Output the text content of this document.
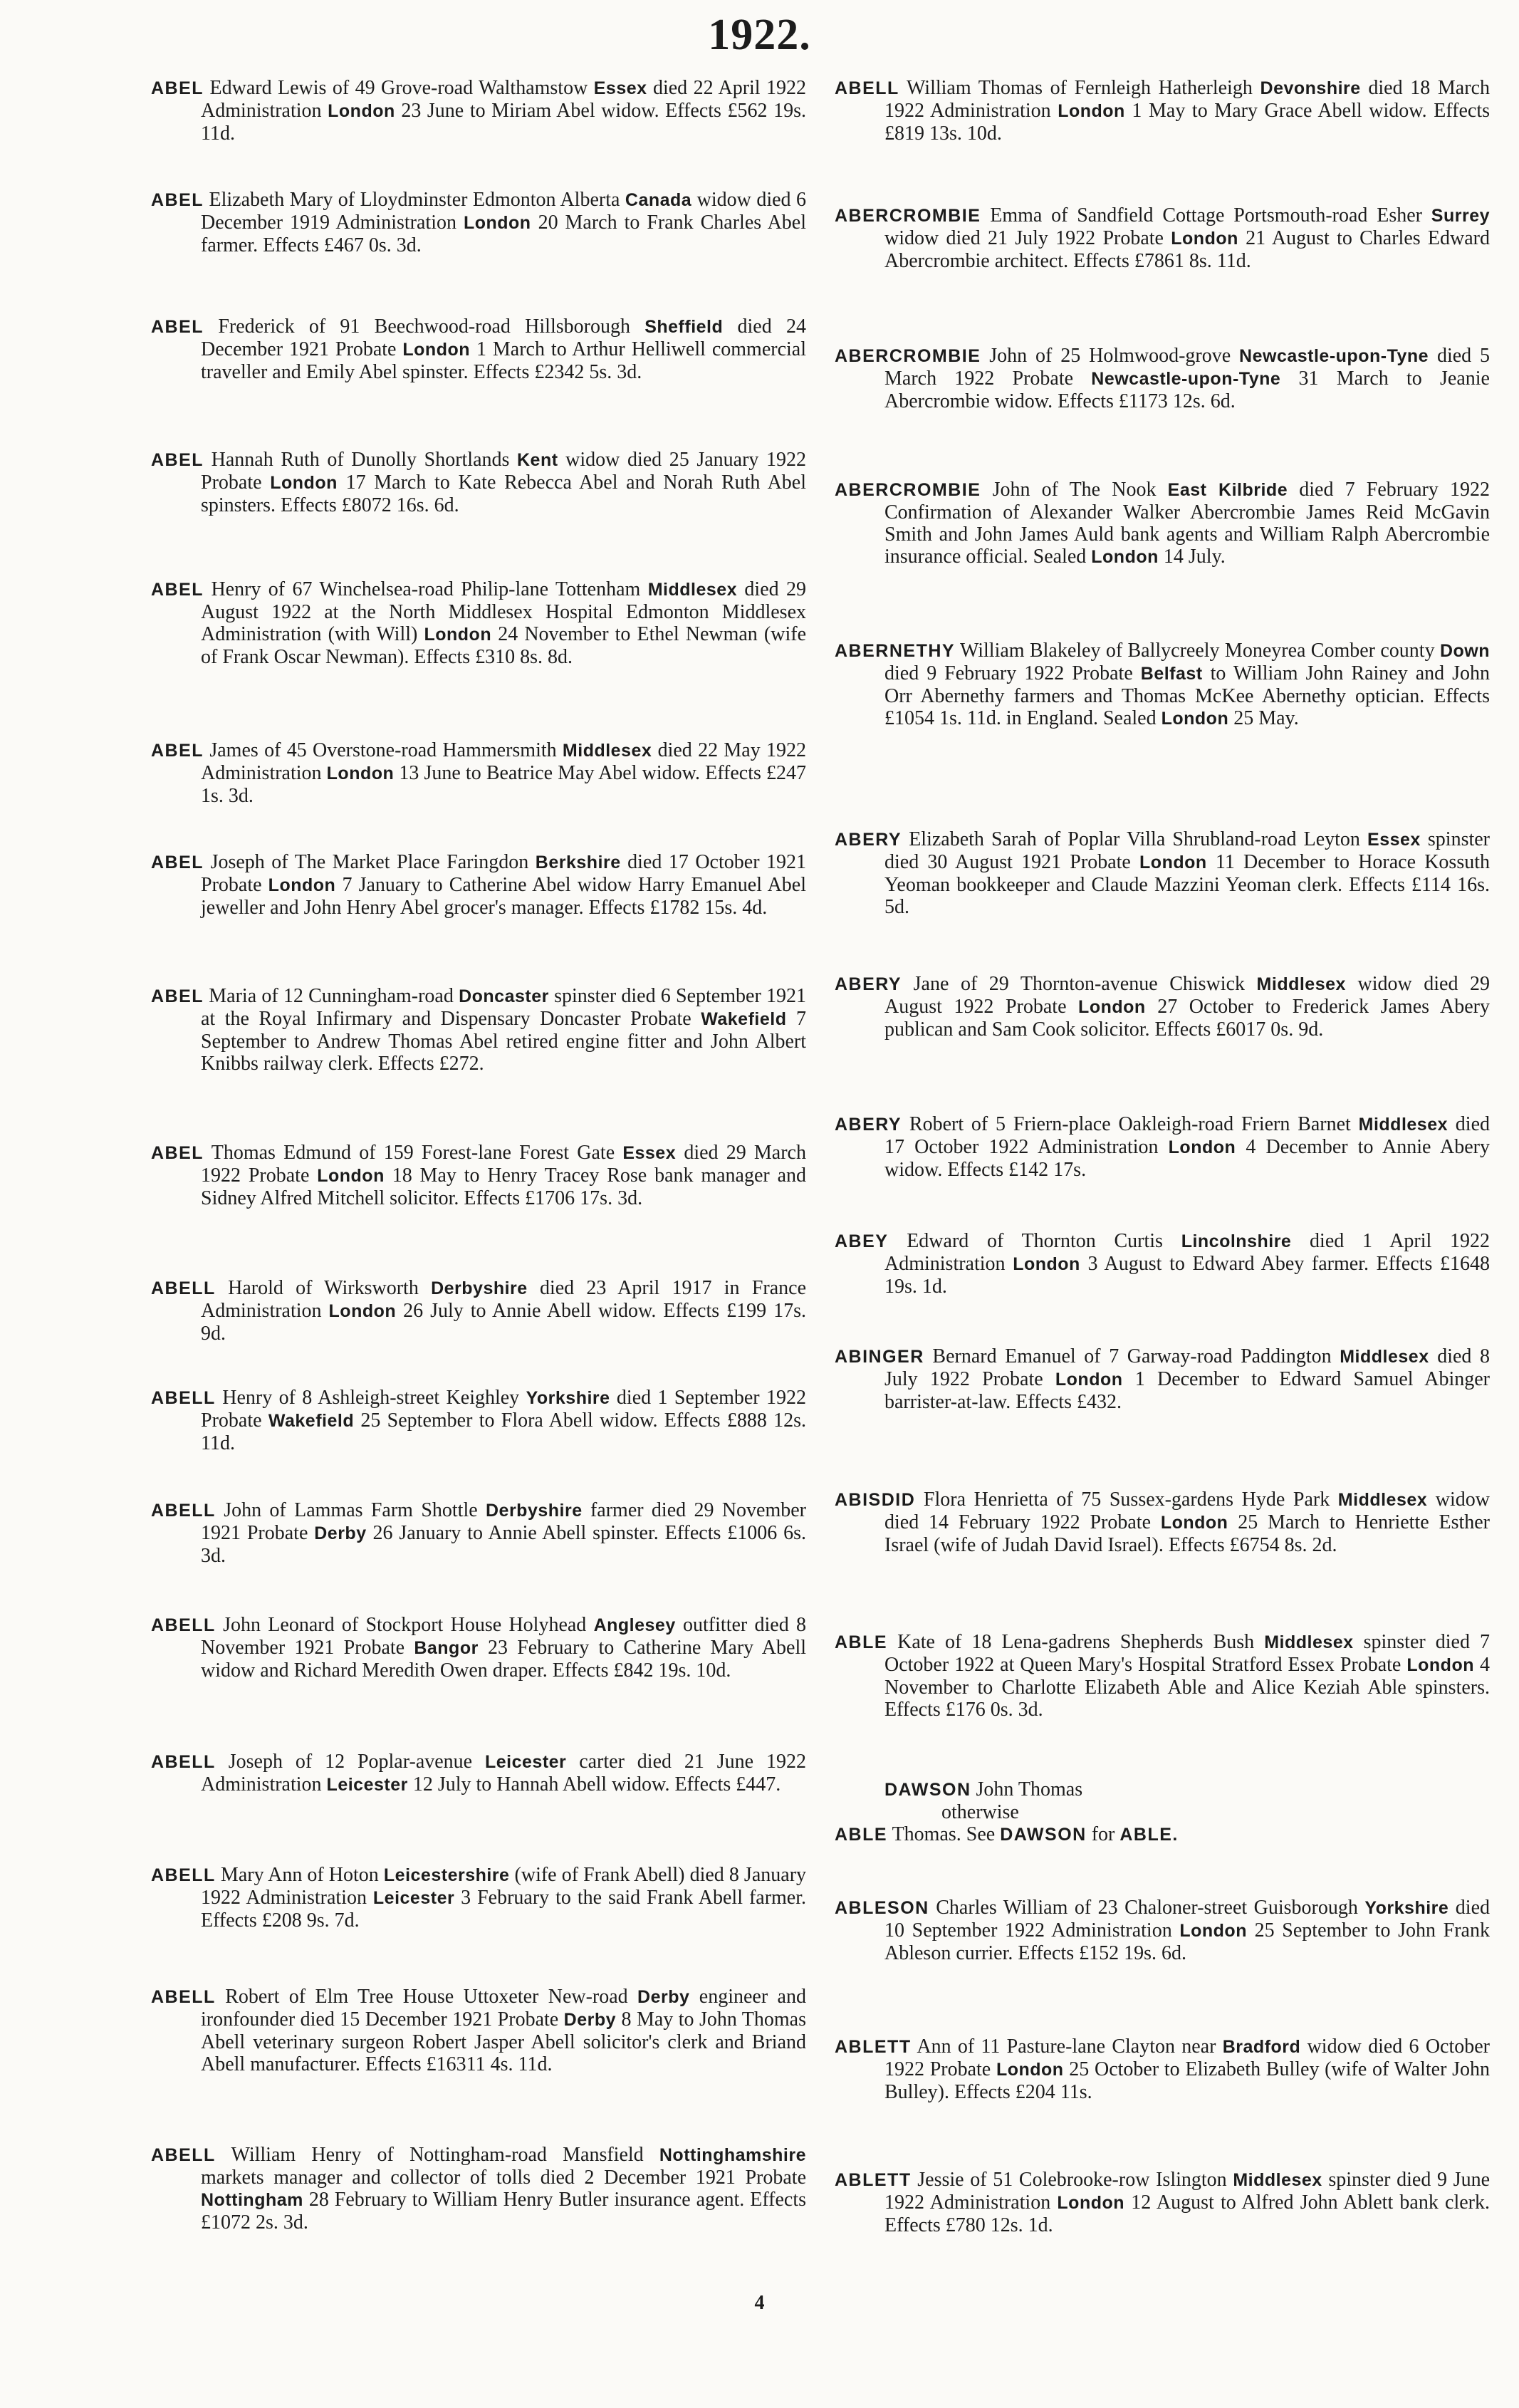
1922.
ABEL Edward Lewis of 49 Grove-road Walthamstow Essex died 22 April 1922 Administration London 23 June to Miriam Abel widow. Effects £562 19s. 11d.
ABEL Elizabeth Mary of Lloydminster Edmonton Alberta Canada widow died 6 December 1919 Administration London 20 March to Frank Charles Abel farmer. Effects £467 0s. 3d.
ABEL Frederick of 91 Beechwood-road Hillsborough Sheffield died 24 December 1921 Probate London 1 March to Arthur Helliwell commercial traveller and Emily Abel spinster. Effects £2342 5s. 3d.
ABEL Hannah Ruth of Dunolly Shortlands Kent widow died 25 January 1922 Probate London 17 March to Kate Rebecca Abel and Norah Ruth Abel spinsters. Effects £8072 16s. 6d.
ABEL Henry of 67 Winchelsea-road Philip-lane Tottenham Middlesex died 29 August 1922 at the North Middlesex Hospital Edmonton Middlesex Administration (with Will) London 24 November to Ethel Newman (wife of Frank Oscar Newman). Effects £310 8s. 8d.
ABEL James of 45 Overstone-road Hammersmith Middlesex died 22 May 1922 Administration London 13 June to Beatrice May Abel widow. Effects £247 1s. 3d.
ABEL Joseph of The Market Place Faringdon Berkshire died 17 October 1921 Probate London 7 January to Catherine Abel widow Harry Emanuel Abel jeweller and John Henry Abel grocer's manager. Effects £1782 15s. 4d.
ABEL Maria of 12 Cunningham-road Doncaster spinster died 6 September 1921 at the Royal Infirmary and Dispensary Doncaster Probate Wakefield 7 September to Andrew Thomas Abel retired engine fitter and John Albert Knibbs railway clerk. Effects £272.
ABEL Thomas Edmund of 159 Forest-lane Forest Gate Essex died 29 March 1922 Probate London 18 May to Henry Tracey Rose bank manager and Sidney Alfred Mitchell solicitor. Effects £1706 17s. 3d.
ABELL Harold of Wirksworth Derbyshire died 23 April 1917 in France Administration London 26 July to Annie Abell widow. Effects £199 17s. 9d.
ABELL Henry of 8 Ashleigh-street Keighley Yorkshire died 1 September 1922 Probate Wakefield 25 September to Flora Abell widow. Effects £888 12s. 11d.
ABELL John of Lammas Farm Shottle Derbyshire farmer died 29 November 1921 Probate Derby 26 January to Annie Abell spinster. Effects £1006 6s. 3d.
ABELL John Leonard of Stockport House Holyhead Anglesey outfitter died 8 November 1921 Probate Bangor 23 February to Catherine Mary Abell widow and Richard Meredith Owen draper. Effects £842 19s. 10d.
ABELL Joseph of 12 Poplar-avenue Leicester carter died 21 June 1922 Administration Leicester 12 July to Hannah Abell widow. Effects £447.
ABELL Mary Ann of Hoton Leicestershire (wife of Frank Abell) died 8 January 1922 Administration Leicester 3 February to the said Frank Abell farmer. Effects £208 9s. 7d.
ABELL Robert of Elm Tree House Uttoxeter New-road Derby engineer and ironfounder died 15 December 1921 Probate Derby 8 May to John Thomas Abell veterinary surgeon Robert Jasper Abell solicitor's clerk and Briand Abell manufacturer. Effects £16311 4s. 11d.
ABELL William Henry of Nottingham-road Mansfield Nottinghamshire markets manager and collector of tolls died 2 December 1921 Probate Nottingham 28 February to William Henry Butler insurance agent. Effects £1072 2s. 3d.
DAWSON John Thomas
otherwise
ABLE Thomas. See DAWSON for ABLE.
ABELL William Thomas of Fernleigh Hatherleigh Devonshire died 18 March 1922 Administration London 1 May to Mary Grace Abell widow. Effects £819 13s. 10d.
ABERCROMBIE Emma of Sandfield Cottage Portsmouth-road Esher Surrey widow died 21 July 1922 Probate London 21 August to Charles Edward Abercrombie architect. Effects £7861 8s. 11d.
ABERCROMBIE John of 25 Holmwood-grove Newcastle-upon-Tyne died 5 March 1922 Probate Newcastle-upon-Tyne 31 March to Jeanie Abercrombie widow. Effects £1173 12s. 6d.
ABERCROMBIE John of The Nook East Kilbride died 7 February 1922 Confirmation of Alexander Walker Abercrombie James Reid McGavin Smith and John James Auld bank agents and William Ralph Abercrombie insurance official. Sealed London 14 July.
ABERNETHY William Blakeley of Ballycreely Moneyrea Comber county Down died 9 February 1922 Probate Belfast to William John Rainey and John Orr Abernethy farmers and Thomas McKee Abernethy optician. Effects £1054 1s. 11d. in England. Sealed London 25 May.
ABERY Elizabeth Sarah of Poplar Villa Shrubland-road Leyton Essex spinster died 30 August 1921 Probate London 11 December to Horace Kossuth Yeoman bookkeeper and Claude Mazzini Yeoman clerk. Effects £114 16s. 5d.
ABERY Jane of 29 Thornton-avenue Chiswick Middlesex widow died 29 August 1922 Probate London 27 October to Frederick James Abery publican and Sam Cook solicitor. Effects £6017 0s. 9d.
ABERY Robert of 5 Friern-place Oakleigh-road Friern Barnet Middlesex died 17 October 1922 Administration London 4 December to Annie Abery widow. Effects £142 17s.
ABEY Edward of Thornton Curtis Lincolnshire died 1 April 1922 Administration London 3 August to Edward Abey farmer. Effects £1648 19s. 1d.
ABINGER Bernard Emanuel of 7 Garway-road Paddington Middlesex died 8 July 1922 Probate London 1 December to Edward Samuel Abinger barrister-at-law. Effects £432.
ABISDID Flora Henrietta of 75 Sussex-gardens Hyde Park Middlesex widow died 14 February 1922 Probate London 25 March to Henriette Esther Israel (wife of Judah David Israel). Effects £6754 8s. 2d.
ABLE Kate of 18 Lena-gadrens Shepherds Bush Middlesex spinster died 7 October 1922 at Queen Mary's Hospital Stratford Essex Probate London 4 November to Charlotte Elizabeth Able and Alice Keziah Able spinsters. Effects £176 0s. 3d.
ABLESON Charles William of 23 Chaloner-street Guisborough Yorkshire died 10 September 1922 Administration London 25 September to John Frank Ableson currier. Effects £152 19s. 6d.
ABLETT Ann of 11 Pasture-lane Clayton near Bradford widow died 6 October 1922 Probate London 25 October to Elizabeth Bulley (wife of Walter John Bulley). Effects £204 11s.
ABLETT Jessie of 51 Colebrooke-row Islington Middlesex spinster died 9 June 1922 Administration London 12 August to Alfred John Ablett bank clerk. Effects £780 12s. 1d.
4
